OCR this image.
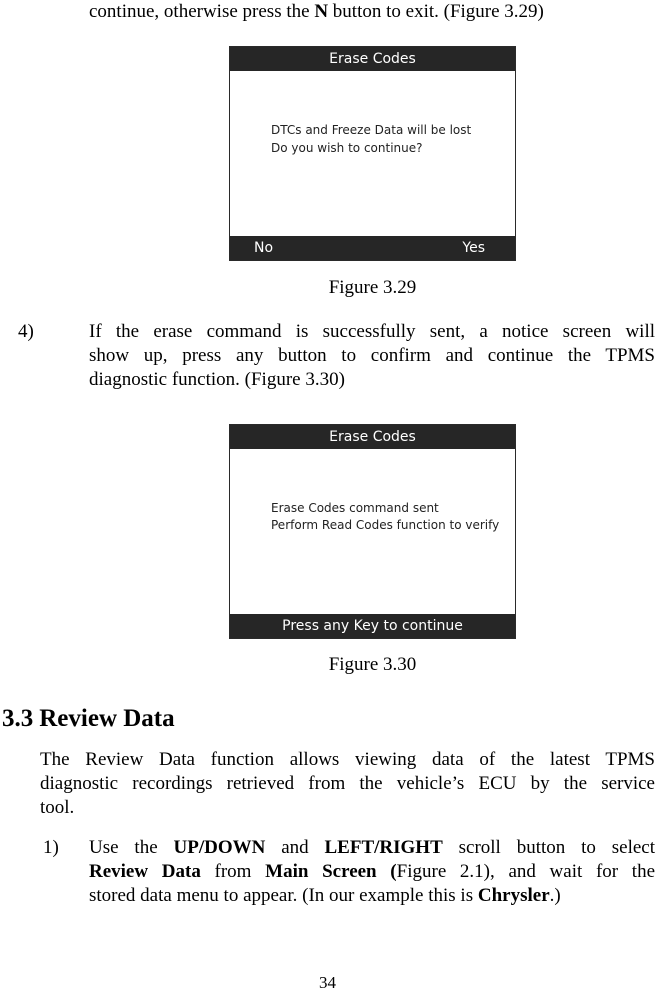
continue, otherwise press the N button to exit. (Figure 3.29)
Erase Codes
DTCs and Freeze Data will be lost
Do you wish to continue?
No	Yes
Figure 3.29
4)	If the erase command is successfully sent, a notice screen will
show up, press any button to confirm and continue the TPMS
diagnostic function. (Figure 3.30)
Erase Codes
Erase Codes command sent
Perform Read Codes function to verify
Press any Key to continue
Figure 3.30
3.3 Review Data
The Review Data function allows viewing data of the latest TPMS
diagnostic recordings retrieved from the vehicle’s ECU by the service
tool.
1) Use the UP/DOWN and LEFT/RIGHT scroll button to select
Review Data from Main Screen (Figure 2.1), and wait for the
stored data menu to appear. (In our example this is Chrysler.)
34
